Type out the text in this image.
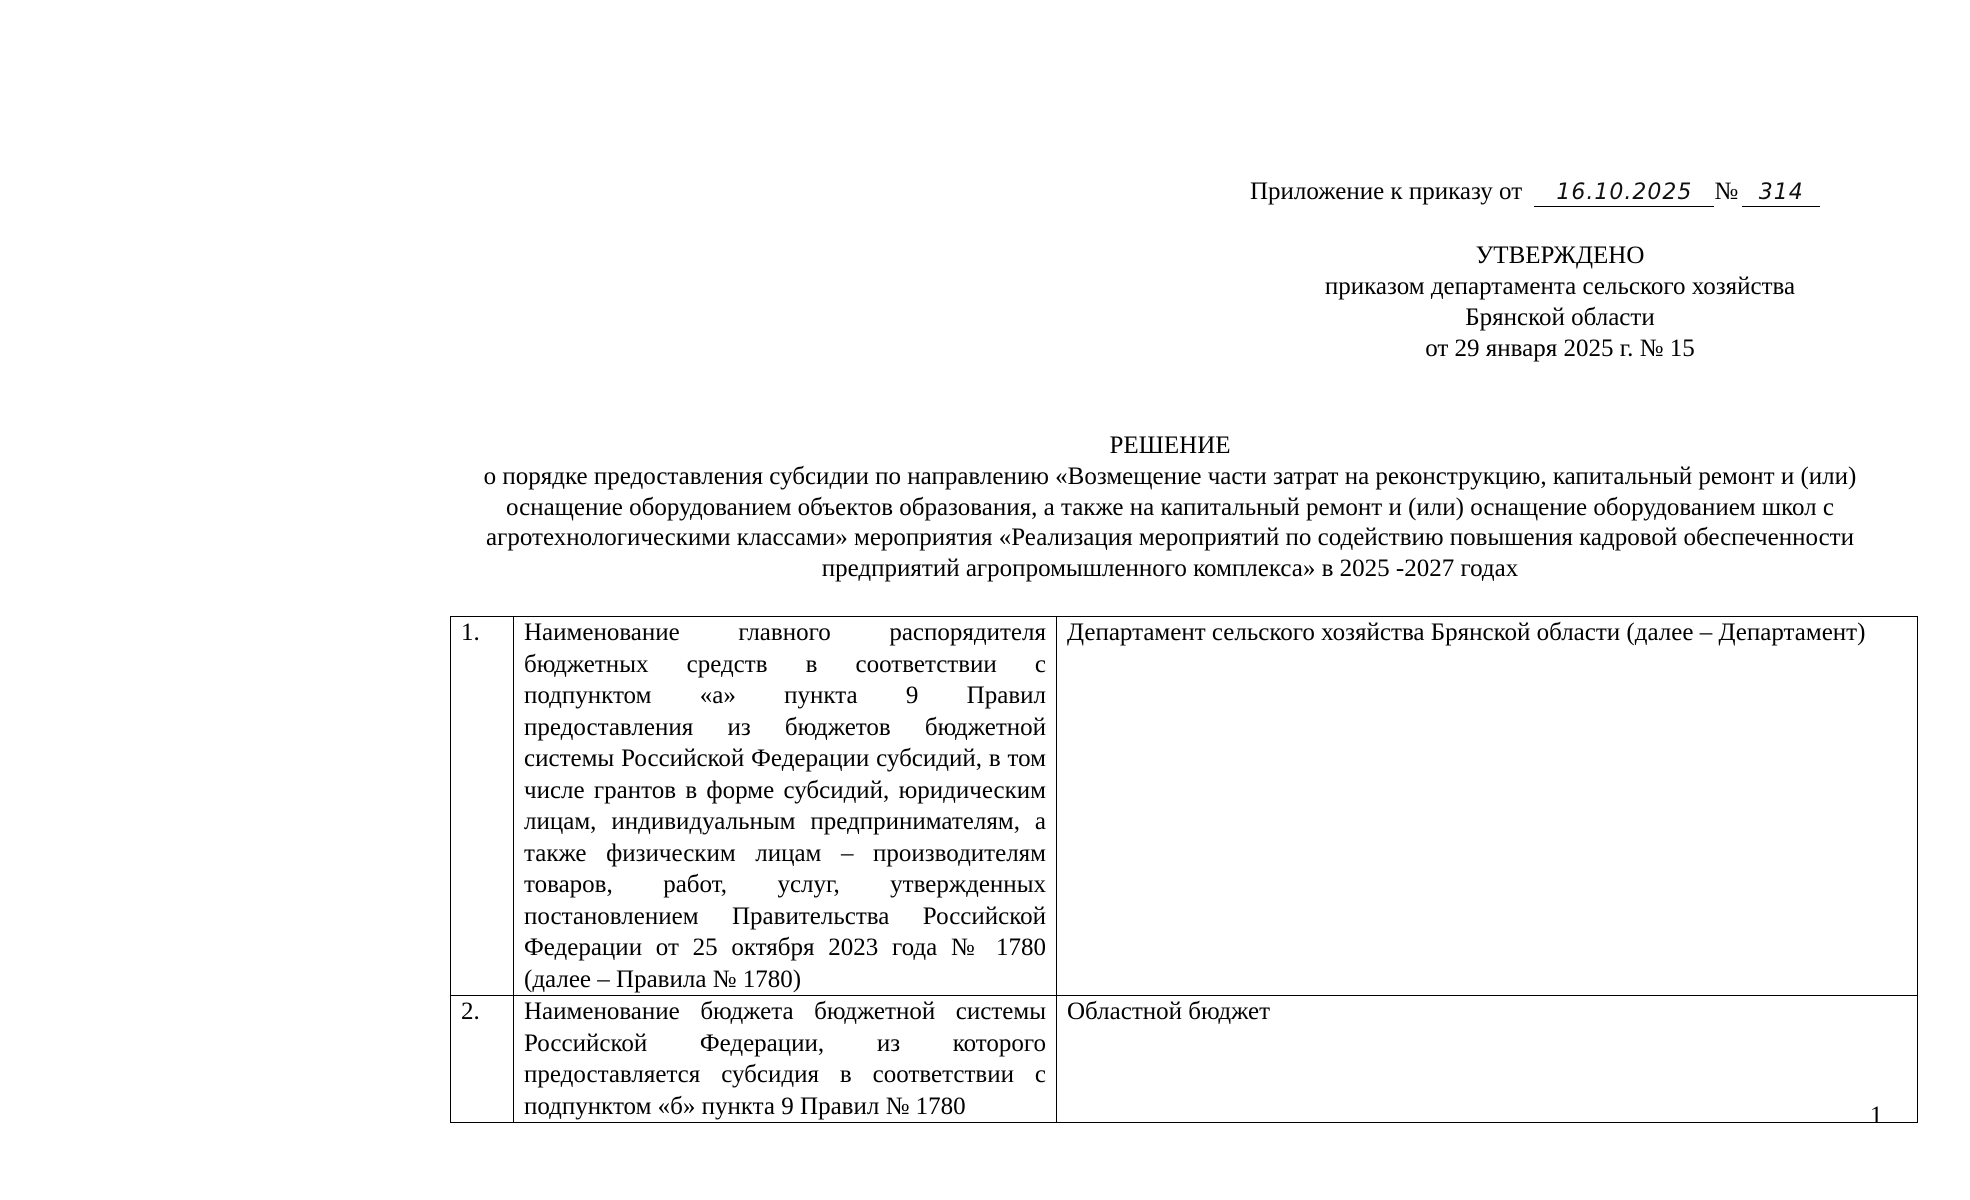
Приложение к приказу от 16.10.2025 № 314
УТВЕРЖДЕНО
приказом департамента сельского хозяйства
Брянской области
от 29 января 2025 г. № 15
РЕШЕНИЕ
о порядке предоставления субсидии по направлению «Возмещение части затрат на реконструкцию, капитальный ремонт и (или) оснащение оборудованием объектов образования, а также на капитальный ремонт и (или) оснащение оборудованием школ с агротехнологическими классами» мероприятия «Реализация мероприятий по содействию повышения кадровой обеспеченности предприятий агропромышленного комплекса» в 2025 -2027 годах
1.	Наименование главного распорядителя бюджетных средств в соответствии с подпунктом «а» пункта 9 Правил предоставления из бюджетов бюджетной системы Российской Федерации субсидий, в том числе грантов в форме субсидий, юридическим лицам, индивидуальным предпринимателям, а также физическим лицам – производителям товаров, работ, услуг, утвержденных постановлением Правительства Российской Федерации от 25 октября 2023 года № 1780 (далее – Правила № 1780)	Департамент сельского хозяйства Брянской области (далее – Департамент)
2.	Наименование бюджета бюджетной системы Российской Федерации, из которого предоставляется субсидия в соответствии с подпунктом «б» пункта 9 Правил № 1780	Областной бюджет
1
